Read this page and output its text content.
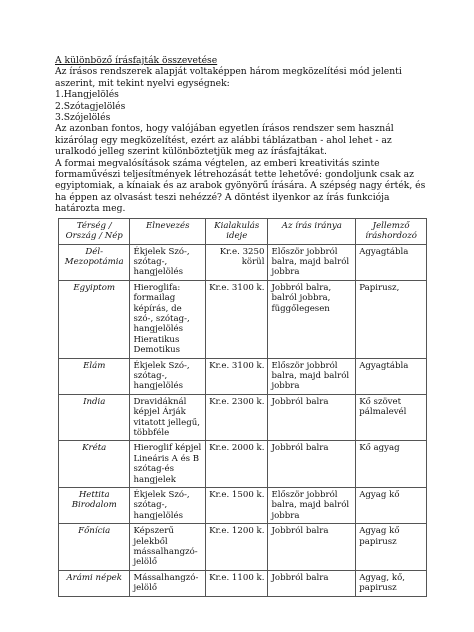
A különböző írásfajták összevetése

Az írásos rendszerek alapját voltaképpen három megközelítési mód jelenti aszerint, mit tekint nyelvi egységnek:

1.Hangjelölés

2.Szótagjelölés

3.Szójelölés

Az azonban fontos, hogy valójában egyetlen írásos rendszer sem használ kizárólag egy megközelítést, ezért az alábbi táblázatban - ahol lehet - az uralkodó jelleg szerint különböztetjük meg az írásfajtákat.

A formai megvalósítások száma végtelen, az emberi kreativitás szinte formaművészi teljesítmények létrehozását tette lehetővé: gondoljunk csak az egyiptomiak, a kínaiak és az arabok gyönyörű írására. A szépség nagy érték, és ha éppen az olvasást teszi nehézzé? A döntést ilyenkor az írás funkciója határozta meg.

Térség / Ország / Nép	Elnevezés	Kialakulás ideje	Az írás iránya	Jellemző íráshordozó
Dél-Mezopotámia	Ékjelek Szó-, szótag-, hangjelölés	Kr.e. 3250 körül	Először jobbról balra, majd balról jobbra	Agyagtábla
Egyiptom	Hieroglifa: formailag képírás, de szó-, szótag-, hangjelölés Hieratikus Demotikus	Kr.e. 3100 k.	Jobbról balra, balról jobbra, függőlegesen	Papirusz,
Elám	Ékjelek Szó-, szótag-, hangjelölés	Kr.e. 3100 k.	Először jobbról balra, majd balról jobbra	Agyagtábla
India	Dravidáknál képjel Árják vitatott jellegű, többféle	Kr.e. 2300 k.	Jobbról balra	Kő szövet pálmalevél
Kréta	Hieroglif képjel Lineáris A és B szótag-és hangjelek	Kr.e. 2000 k.	Jobbról balra	Kő agyag
Hettita Birodalom	Ékjelek Szó-, szótag-, hangjelölés	Kr.e. 1500 k.	Először jobbról balra, majd balról jobbra	Agyag kő
Főnícia	Képszerű jelekből mássalhangzó-jelölő	Kr.e. 1200 k.	Jobbról balra	Agyag kő papirusz
Arámi népek	Mássalhangzó-jelölő	Kr.e. 1100 k.	Jobbról balra	Agyag, kő, papirusz
